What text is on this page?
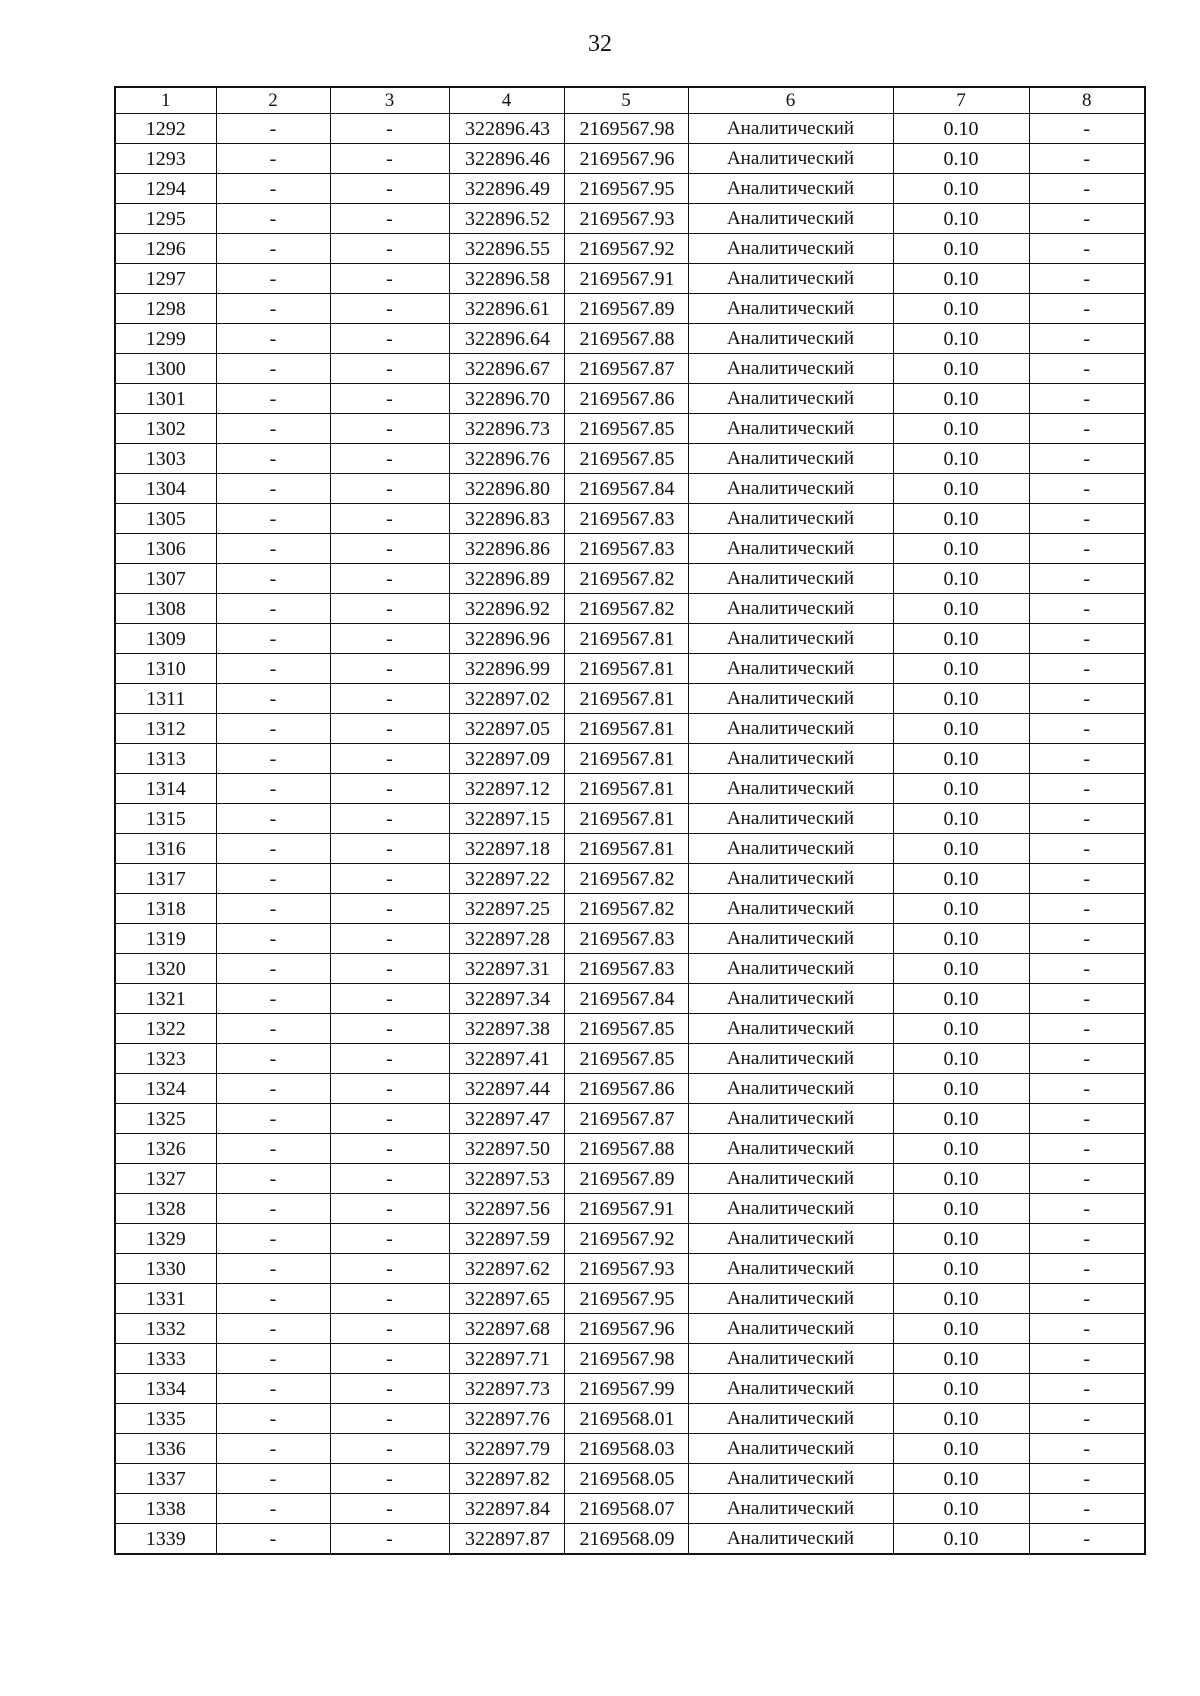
32
1	2	3	4	5	6	7	8
1292	-	-	322896.43	2169567.98	Аналитический	0.10	-
1293	-	-	322896.46	2169567.96	Аналитический	0.10	-
1294	-	-	322896.49	2169567.95	Аналитический	0.10	-
1295	-	-	322896.52	2169567.93	Аналитический	0.10	-
1296	-	-	322896.55	2169567.92	Аналитический	0.10	-
1297	-	-	322896.58	2169567.91	Аналитический	0.10	-
1298	-	-	322896.61	2169567.89	Аналитический	0.10	-
1299	-	-	322896.64	2169567.88	Аналитический	0.10	-
1300	-	-	322896.67	2169567.87	Аналитический	0.10	-
1301	-	-	322896.70	2169567.86	Аналитический	0.10	-
1302	-	-	322896.73	2169567.85	Аналитический	0.10	-
1303	-	-	322896.76	2169567.85	Аналитический	0.10	-
1304	-	-	322896.80	2169567.84	Аналитический	0.10	-
1305	-	-	322896.83	2169567.83	Аналитический	0.10	-
1306	-	-	322896.86	2169567.83	Аналитический	0.10	-
1307	-	-	322896.89	2169567.82	Аналитический	0.10	-
1308	-	-	322896.92	2169567.82	Аналитический	0.10	-
1309	-	-	322896.96	2169567.81	Аналитический	0.10	-
1310	-	-	322896.99	2169567.81	Аналитический	0.10	-
1311	-	-	322897.02	2169567.81	Аналитический	0.10	-
1312	-	-	322897.05	2169567.81	Аналитический	0.10	-
1313	-	-	322897.09	2169567.81	Аналитический	0.10	-
1314	-	-	322897.12	2169567.81	Аналитический	0.10	-
1315	-	-	322897.15	2169567.81	Аналитический	0.10	-
1316	-	-	322897.18	2169567.81	Аналитический	0.10	-
1317	-	-	322897.22	2169567.82	Аналитический	0.10	-
1318	-	-	322897.25	2169567.82	Аналитический	0.10	-
1319	-	-	322897.28	2169567.83	Аналитический	0.10	-
1320	-	-	322897.31	2169567.83	Аналитический	0.10	-
1321	-	-	322897.34	2169567.84	Аналитический	0.10	-
1322	-	-	322897.38	2169567.85	Аналитический	0.10	-
1323	-	-	322897.41	2169567.85	Аналитический	0.10	-
1324	-	-	322897.44	2169567.86	Аналитический	0.10	-
1325	-	-	322897.47	2169567.87	Аналитический	0.10	-
1326	-	-	322897.50	2169567.88	Аналитический	0.10	-
1327	-	-	322897.53	2169567.89	Аналитический	0.10	-
1328	-	-	322897.56	2169567.91	Аналитический	0.10	-
1329	-	-	322897.59	2169567.92	Аналитический	0.10	-
1330	-	-	322897.62	2169567.93	Аналитический	0.10	-
1331	-	-	322897.65	2169567.95	Аналитический	0.10	-
1332	-	-	322897.68	2169567.96	Аналитический	0.10	-
1333	-	-	322897.71	2169567.98	Аналитический	0.10	-
1334	-	-	322897.73	2169567.99	Аналитический	0.10	-
1335	-	-	322897.76	2169568.01	Аналитический	0.10	-
1336	-	-	322897.79	2169568.03	Аналитический	0.10	-
1337	-	-	322897.82	2169568.05	Аналитический	0.10	-
1338	-	-	322897.84	2169568.07	Аналитический	0.10	-
1339	-	-	322897.87	2169568.09	Аналитический	0.10	-
